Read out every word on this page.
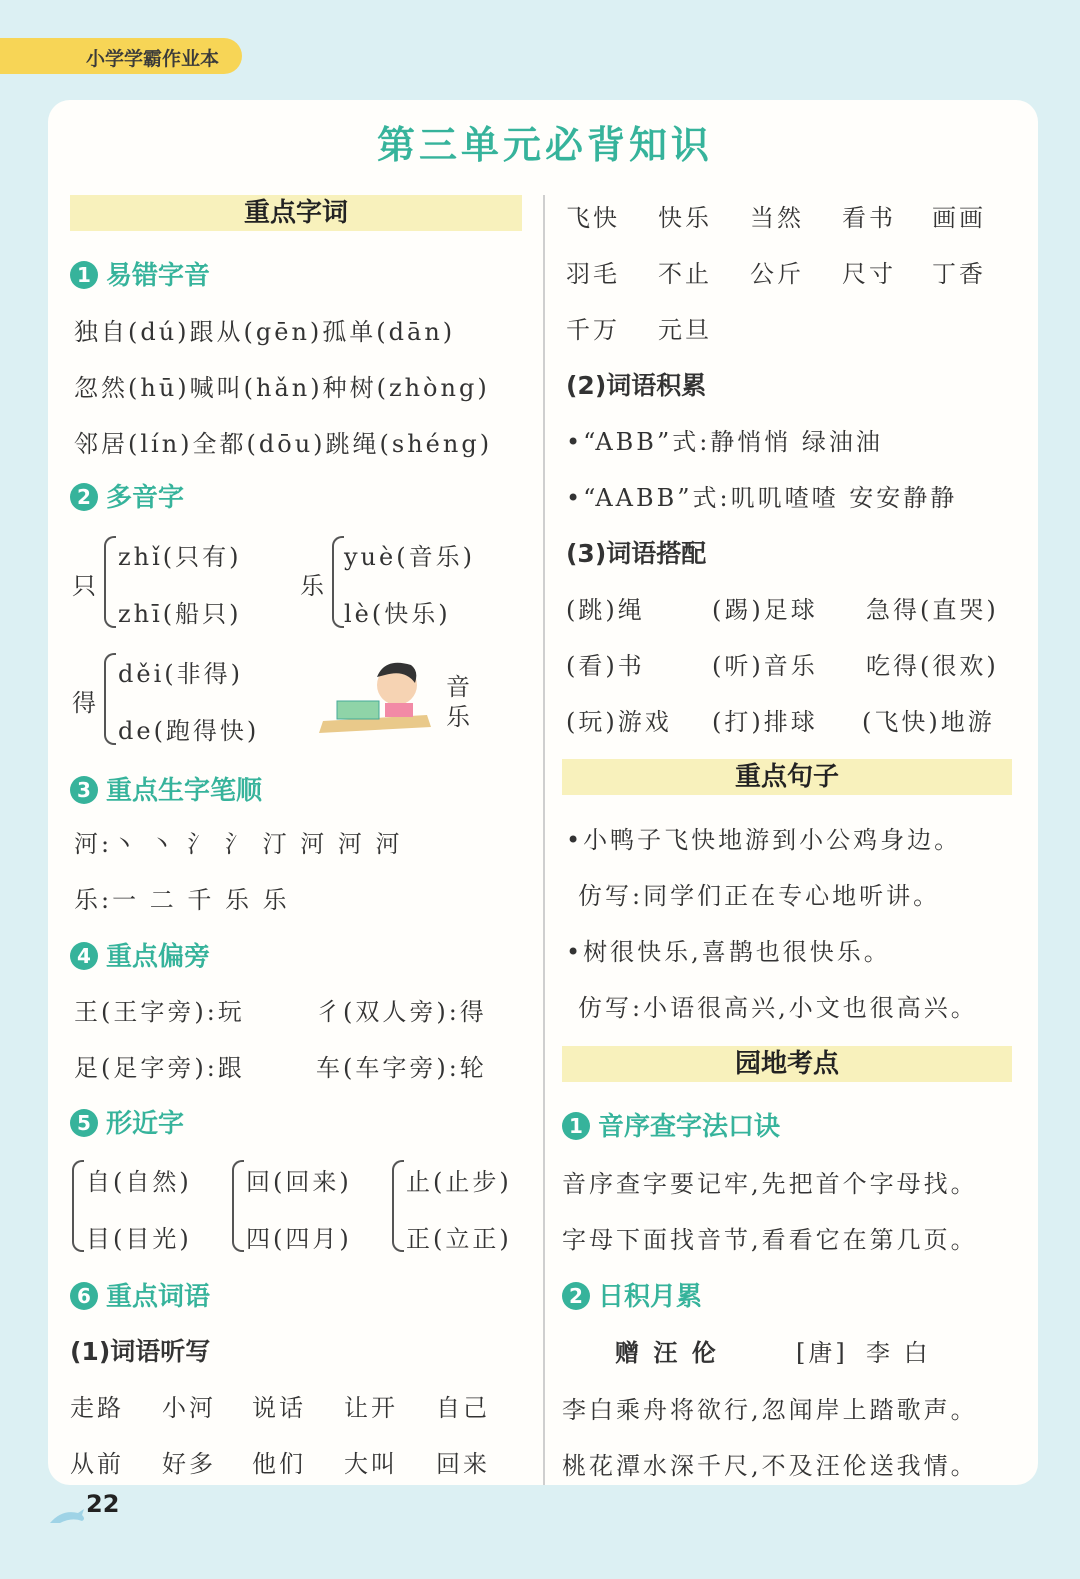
小学学霸作业本
第三单元必背知识
重点字词
1 易错字音
独自(dú)跟从(gēn)孤单(dān)
忽然(hū)喊叫(hǎn)种树(zhòng)
邻居(lín)全都(dōu)跳绳(shéng)
2 多音字
只
zhǐ(只有)
zhī(船只)
乐
yuè(音乐)
lè(快乐)
得
děi(非得)
de(跑得快)
音乐
3 重点生字笔顺
河:丶 丶 氵 氵 汀 河 河 河
乐:一 二 千 乐 乐
4 重点偏旁
王(王字旁):玩	彳(双人旁):得
足(足字旁):跟	车(车字旁):轮
5 形近字
自(自然)
目(目光)
回(回来)
四(四月)
止(止步)
正(立正)
6 重点词语
(1)词语听写
走路 小河 说话 让开 自己
从前 好多 他们 大叫 回来
飞快 快乐 当然 看书 画画
羽毛 不止 公斤 尺寸 丁香
千万 元旦
(2)词语积累
•“ABB”式:静悄悄 绿油油
•“AABB”式:叽叽喳喳 安安静静
(3)词语搭配
(跳)绳	(踢)足球 急得(直哭)
(看)书	(听)音乐 吃得(很欢)
(玩)游戏 (打)排球 (飞快)地游
重点句子
•小鸭子飞快地游到小公鸡身边。
仿写:同学们正在专心地听讲。
•树很快乐,喜鹊也很快乐。
仿写:小语很高兴,小文也很高兴。
园地考点
1 音序查字法口诀
音序查字要记牢,先把首个字母找。
字母下面找音节,看看它在第几页。
2 日积月累
赠 汪 伦	[唐] 李 白
李白乘舟将欲行,忽闻岸上踏歌声。
桃花潭水深千尺,不及汪伦送我情。
22
